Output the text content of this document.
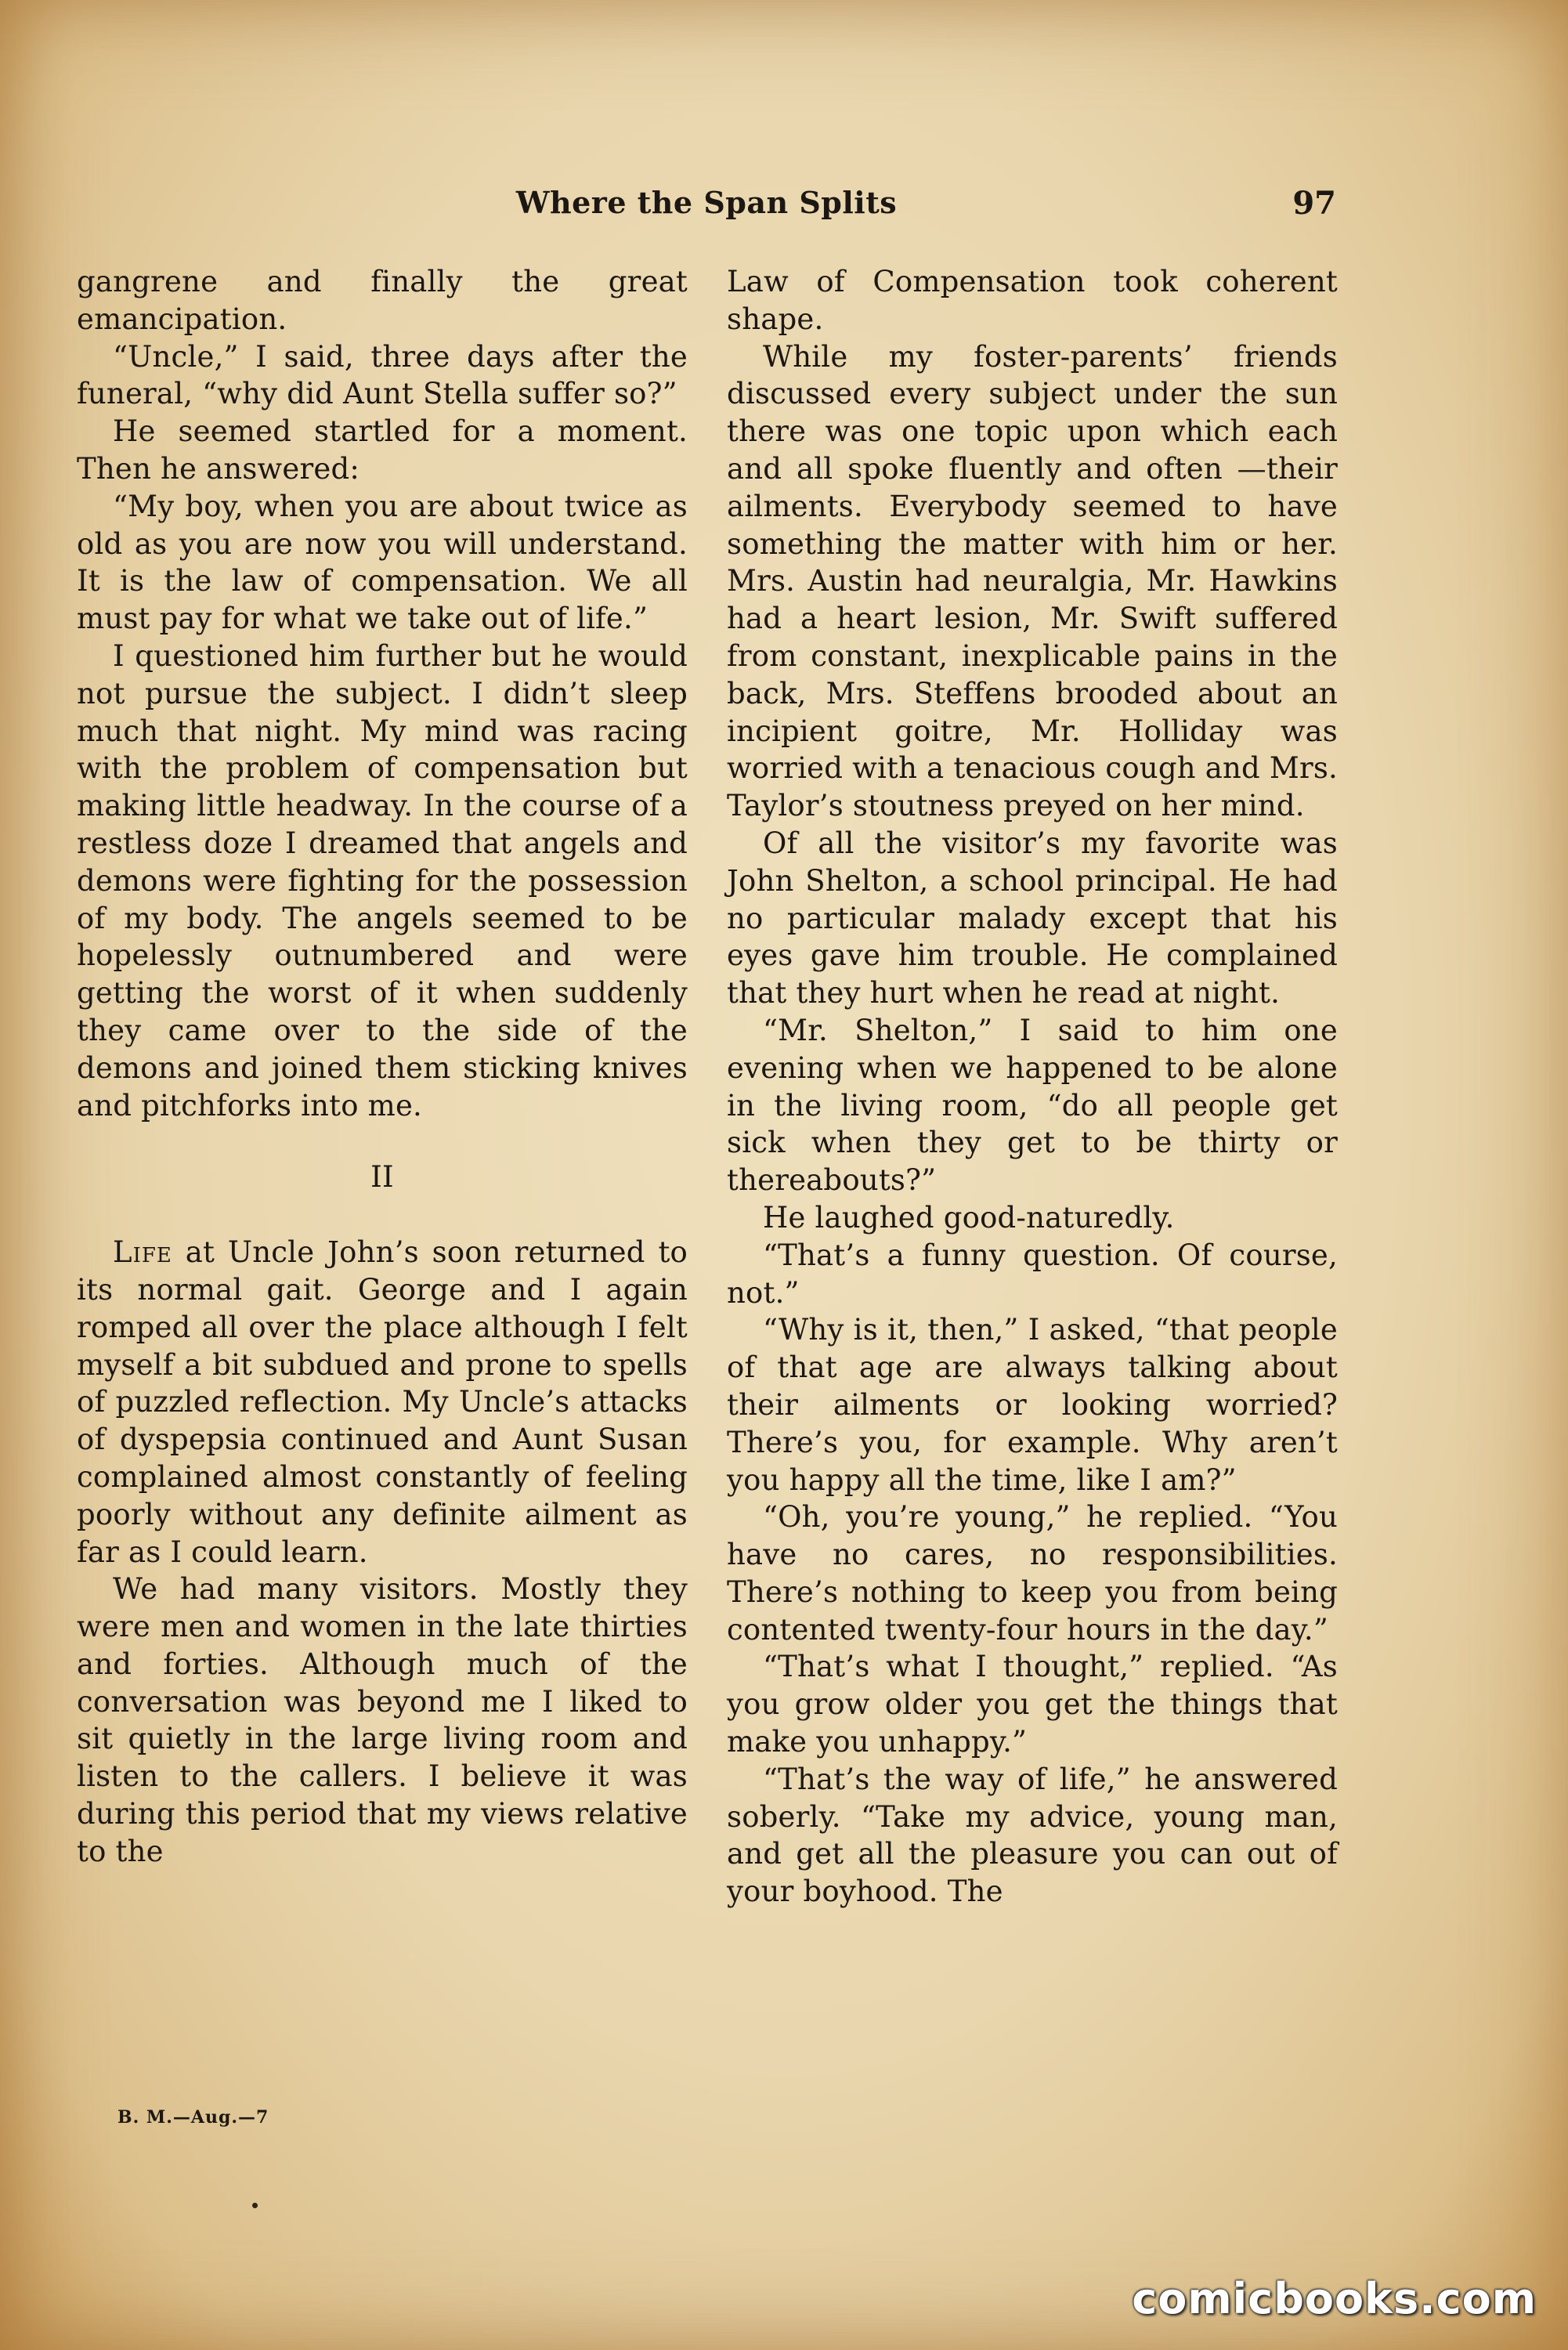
Where the Span Splits	97

gangrene and finally the great emancipation.

“Uncle,” I said, three days after the funeral, “why did Aunt Stella suffer so?”

He seemed startled for a moment. Then he answered:

“My boy, when you are about twice as old as you are now you will understand. It is the law of compensation. We all must pay for what we take out of life.”

I questioned him further but he would not pursue the subject. I didn’t sleep much that night. My mind was racing with the problem of compensation but making little headway. In the course of a restless doze I dreamed that angels and demons were fighting for the possession of my body. The angels seemed to be hopelessly outnumbered and were getting the worst of it when suddenly they came over to the side of the demons and joined them sticking knives and pitchforks into me.

II

Life at Uncle John’s soon returned to its normal gait. George and I again romped all over the place although I felt myself a bit subdued and prone to spells of puzzled reflection. My Uncle’s attacks of dyspepsia continued and Aunt Susan complained almost constantly of feeling poorly without any definite ailment as far as I could learn.

We had many visitors. Mostly they were men and women in the late thirties and forties. Although much of the conversation was beyond me I liked to sit quietly in the large living room and listen to the callers. I believe it was during this period that my views relative to the

Law of Compensation took coherent shape.

While my foster-parents’ friends discussed every subject under the sun there was one topic upon which each and all spoke fluently and often —their ailments. Everybody seemed to have something the matter with him or her. Mrs. Austin had neuralgia, Mr. Hawkins had a heart lesion, Mr. Swift suffered from constant, inexplicable pains in the back, Mrs. Steffens brooded about an incipient goitre, Mr. Holliday was worried with a tenacious cough and Mrs. Taylor’s stoutness preyed on her mind.

Of all the visitor’s my favorite was John Shelton, a school principal. He had no particular malady except that his eyes gave him trouble. He complained that they hurt when he read at night.

“Mr. Shelton,” I said to him one evening when we happened to be alone in the living room, “do all people get sick when they get to be thirty or thereabouts?”

He laughed good-naturedly.

“That’s a funny question. Of course, not.”

“Why is it, then,” I asked, “that people of that age are always talking about their ailments or looking worried? There’s you, for example. Why aren’t you happy all the time, like I am?”

“Oh, you’re young,” he replied. “You have no cares, no responsibilities. There’s nothing to keep you from being contented twenty-four hours in the day.”

“That’s what I thought,” replied. “As you grow older you get the things that make you unhappy.”

“That’s the way of life,” he answered soberly. “Take my advice, young man, and get all the pleasure you can out of your boyhood. The

B. M.—Aug.—7
comicbooks.com
